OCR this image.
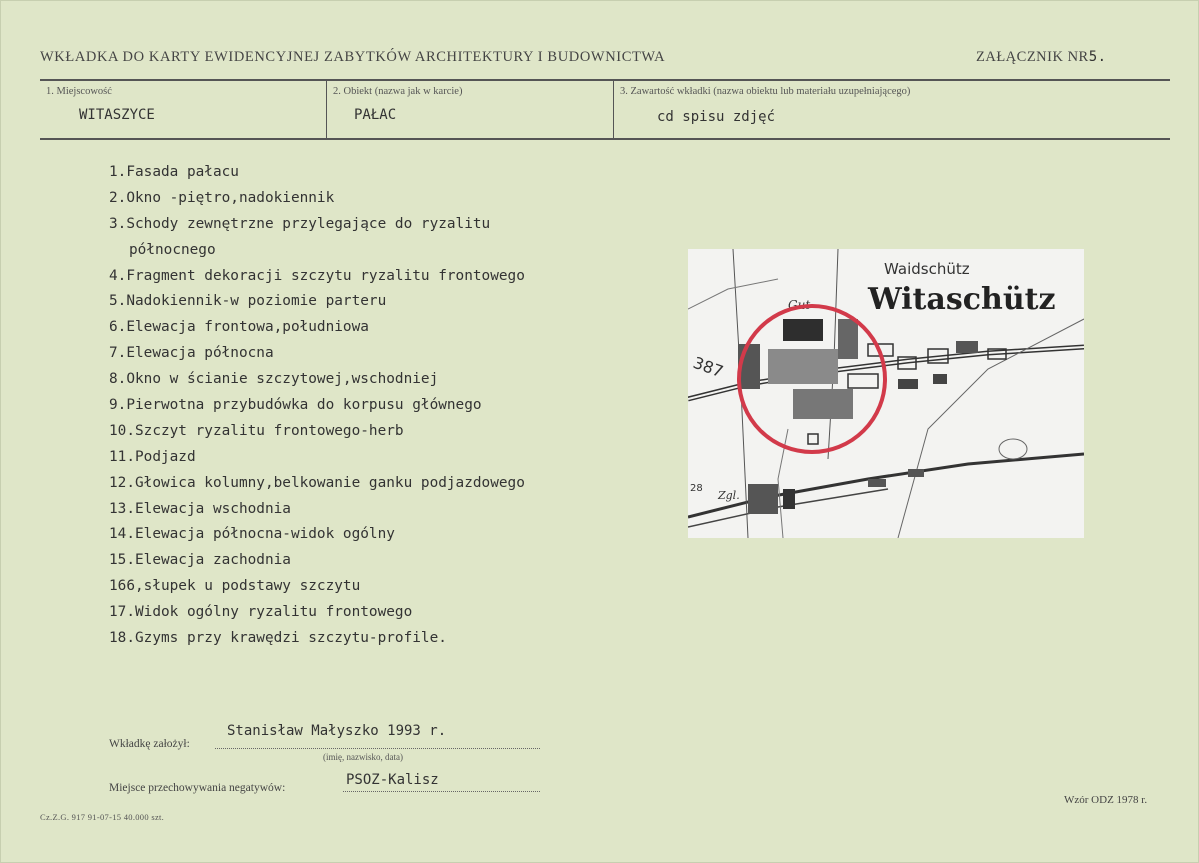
WKŁADKA DO KARTY EWIDENCYJNEJ ZABYTKÓW ARCHITEKTURY I BUDOWNICTWA	ZAŁĄCZNIK NR5.
1. Miejscowość
WITASZYCE
2. Obiekt (nazwa jak w karcie)
PAŁAC
3. Zawartość wkładki (nazwa obiektu lub materiału uzupełniającego)
cd spisu zdjęć
1.Fasada pałacu
2.Okno -piętro,nadokiennik
3.Schody zewnętrzne przylegające do ryzalitu
północnego
4.Fragment dekoracji szczytu ryzalitu frontowego
5.Nadokiennik-w poziomie parteru
6.Elewacja frontowa,południowa
7.Elewacja północna
8.Okno w ścianie szczytowej,wschodniej
9.Pierwotna przybudówka do korpusu głównego
10.Szczyt ryzalitu frontowego-herb
11.Podjazd
12.Głowica kolumny,belkowanie ganku podjazdowego
13.Elewacja wschodnia
14.Elewacja północna-widok ogólny
15.Elewacja zachodnia
166,słupek u podstawy szczytu
17.Widok ogólny ryzalitu frontowego
18.Gzyms przy krawędzi szczytu-profile.
Waidschütz
Witaschütz
Gut
387
Zgl.
28
Stanisław Małyszko 1993 r.
Wkładkę założył:
(imię, nazwisko, data)
PSOZ-Kalisz
Miejsce przechowywania negatywów:
Cz.Z.G. 917 91-07-15 40.000 szt.
Wzór ODZ 1978 r.
